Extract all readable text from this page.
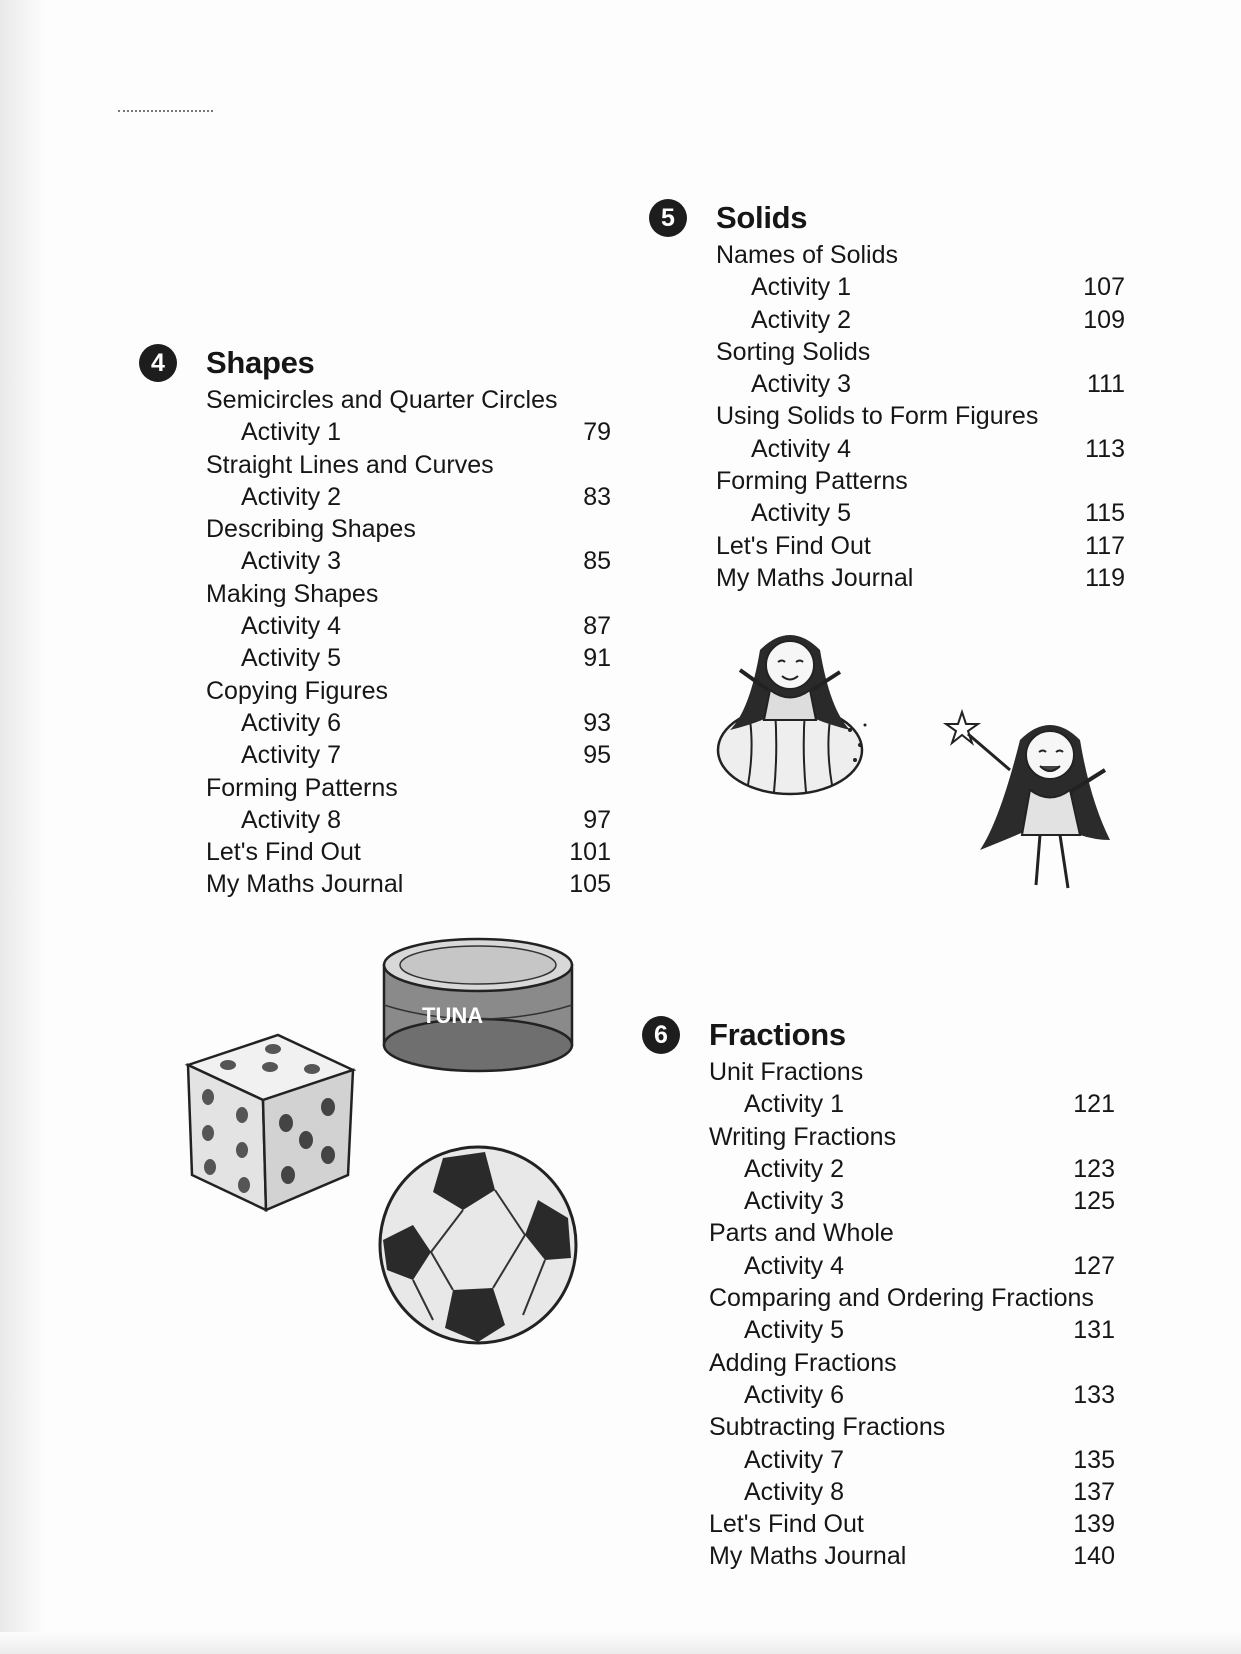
4	Shapes
Semicircles and Quarter Circles
Activity 1	79
Straight Lines and Curves
Activity 2	83
Describing Shapes
Activity 3	85
Making Shapes
Activity 4	87
Activity 5	91
Copying Figures
Activity 6	93
Activity 7	95
Forming Patterns
Activity 8	97
Let's Find Out	101
My Maths Journal	105
5	Solids
Names of Solids
Activity 1	107
Activity 2	109
Sorting Solids
Activity 3	111
Using Solids to Form Figures
Activity 4	113
Forming Patterns
Activity 5	115
Let's Find Out	117
My Maths Journal	119
6	Fractions
Unit Fractions
Activity 1	121
Writing Fractions
Activity 2	123
Activity 3	125
Parts and Whole
Activity 4	127
Comparing and Ordering Fractions
Activity 5	131
Adding Fractions
Activity 6	133
Subtracting Fractions
Activity 7	135
Activity 8	137
Let's Find Out	139
My Maths Journal	140
TUNA
